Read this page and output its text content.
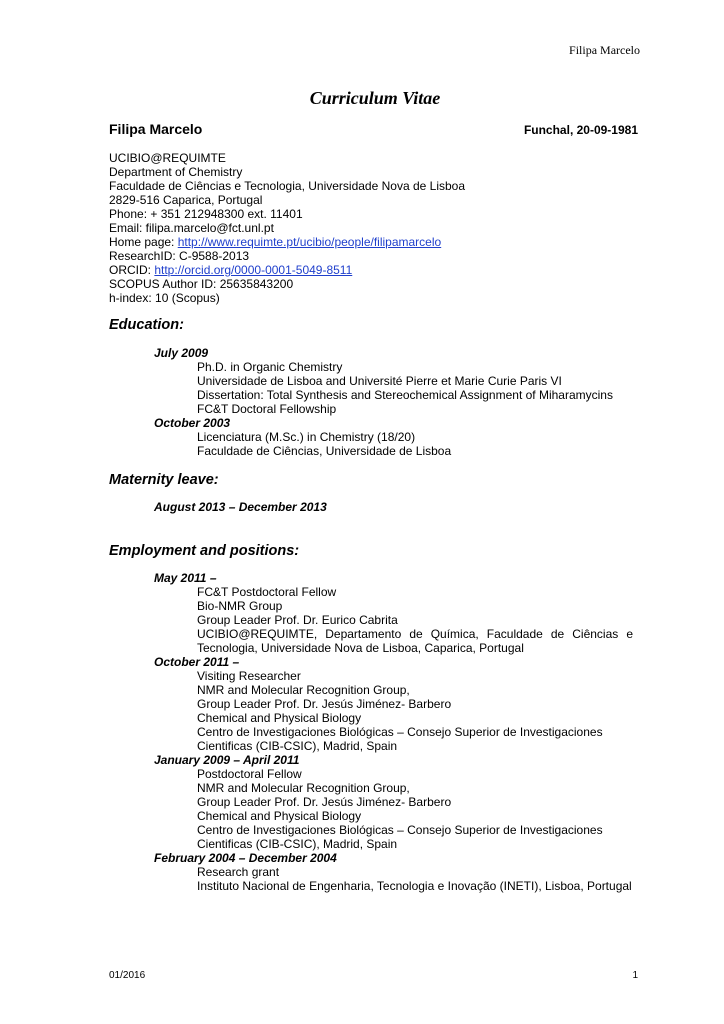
Filipa Marcelo
Curriculum Vitae
Filipa Marcelo	Funchal, 20-09-1981
UCIBIO@REQUIMTE
Department of Chemistry
Faculdade de Ciências e Tecnologia, Universidade Nova de Lisboa
2829-516 Caparica, Portugal
Phone: + 351 212948300 ext. 11401
Email: filipa.marcelo@fct.unl.pt
Home page: http://www.requimte.pt/ucibio/people/filipamarcelo
ResearchID: C-9588-2013
ORCID: http://orcid.org/0000-0001-5049-8511
SCOPUS Author ID: 25635843200
h-index: 10 (Scopus)
Education:
July 2009
Ph.D. in Organic Chemistry
Universidade de Lisboa and Université Pierre et Marie Curie Paris VI
Dissertation: Total Synthesis and Stereochemical Assignment of Miharamycins
FC&T Doctoral Fellowship
October 2003
Licenciatura (M.Sc.) in Chemistry (18/20)
Faculdade de Ciências, Universidade de Lisboa
Maternity leave:
August 2013 – December 2013
Employment and positions:
May 2011 –
FC&T Postdoctoral Fellow
Bio-NMR Group
Group Leader Prof. Dr. Eurico Cabrita
UCIBIO@REQUIMTE, Departamento de Química, Faculdade de Ciências e
Tecnologia, Universidade Nova de Lisboa, Caparica, Portugal
October 2011 –
Visiting Researcher
NMR and Molecular Recognition Group,
Group Leader Prof. Dr. Jesús Jiménez- Barbero
Chemical and Physical Biology
Centro de Investigaciones Biológicas – Consejo Superior de Investigaciones
Cientificas (CIB-CSIC), Madrid, Spain
January 2009 – April 2011
Postdoctoral Fellow
NMR and Molecular Recognition Group,
Group Leader Prof. Dr. Jesús Jiménez- Barbero
Chemical and Physical Biology
Centro de Investigaciones Biológicas – Consejo Superior de Investigaciones
Cientificas (CIB-CSIC), Madrid, Spain
February 2004 – December 2004
Research grant
Instituto Nacional de Engenharia, Tecnologia e Inovação (INETI), Lisboa, Portugal
01/2016	1
